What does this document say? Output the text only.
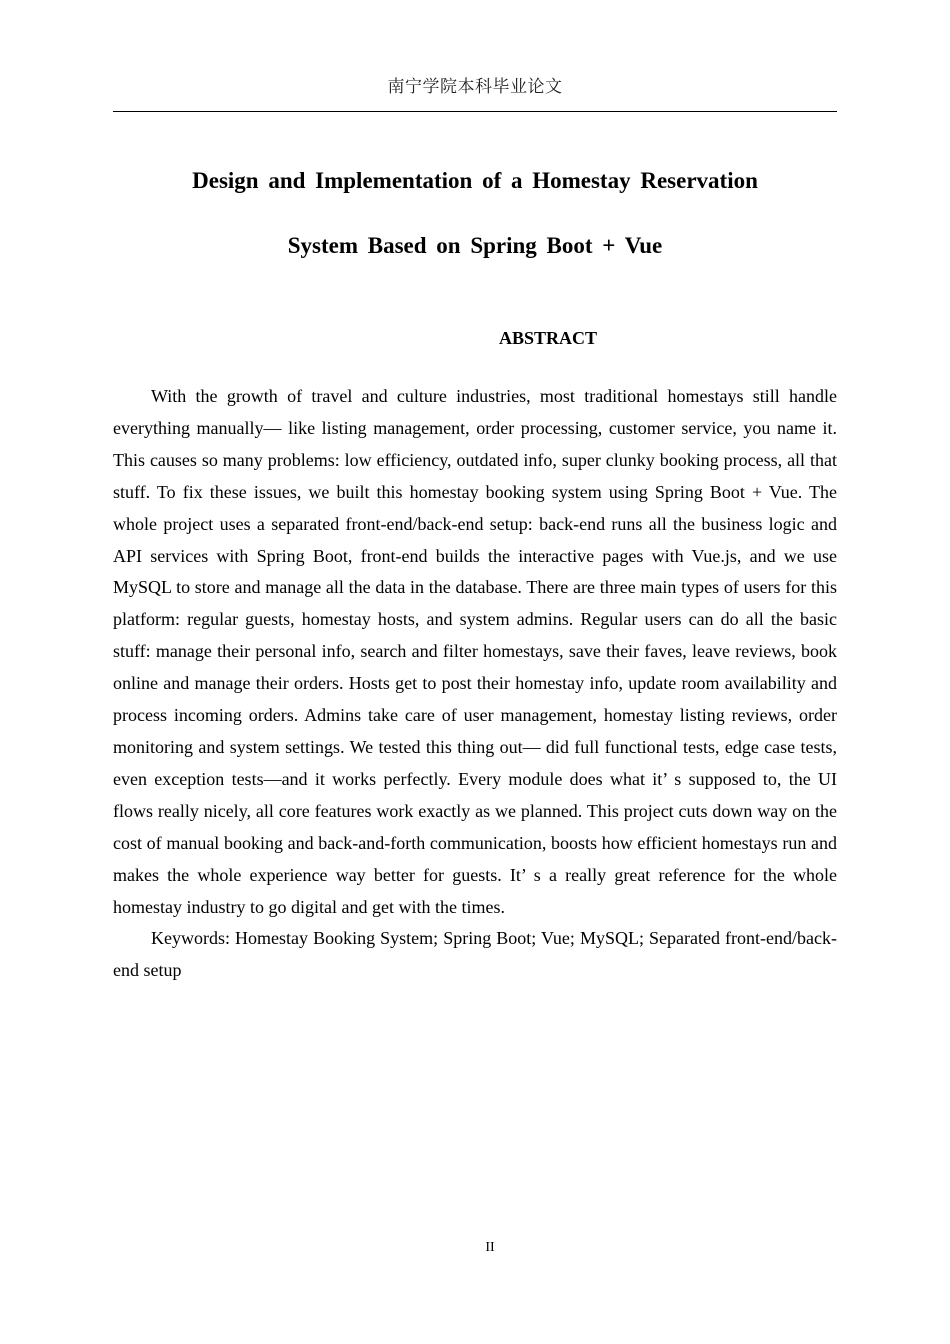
南宁学院本科毕业论文
Design and Implementation of a Homestay Reservation
System Based on Spring Boot + Vue
ABSTRACT

With the growth of travel and culture industries, most traditional homestays still handle everything manually— like listing management, order processing, customer service, you name it. This causes so many problems: low efficiency, outdated info, super clunky booking process, all that stuff. To fix these issues, we built this homestay booking system using Spring Boot + Vue. The whole project uses a separated front-end/back-end setup: back-end runs all the business logic and API services with Spring Boot, front-end builds the interactive pages with Vue.js, and we use MySQL to store and manage all the data in the database. There are three main types of users for this platform: regular guests, homestay hosts, and system admins. Regular users can do all the basic stuff: manage their personal info, search and filter homestays, save their faves, leave reviews, book online and manage their orders. Hosts get to post their homestay info, update room availability and process incoming orders. Admins take care of user management, homestay listing reviews, order monitoring and system settings. We tested this thing out— did full functional tests, edge case tests, even exception tests—and it works perfectly. Every module does what it’ s supposed to, the UI flows really nicely, all core features work exactly as we planned. This project cuts down way on the cost of manual booking and back-and-forth communication, boosts how efficient homestays run and makes the whole experience way better for guests. It’ s a really great reference for the whole homestay industry to go digital and get with the times.

Keywords: Homestay Booking System; Spring Boot; Vue; MySQL; Separated front-end/back-end setup

II
